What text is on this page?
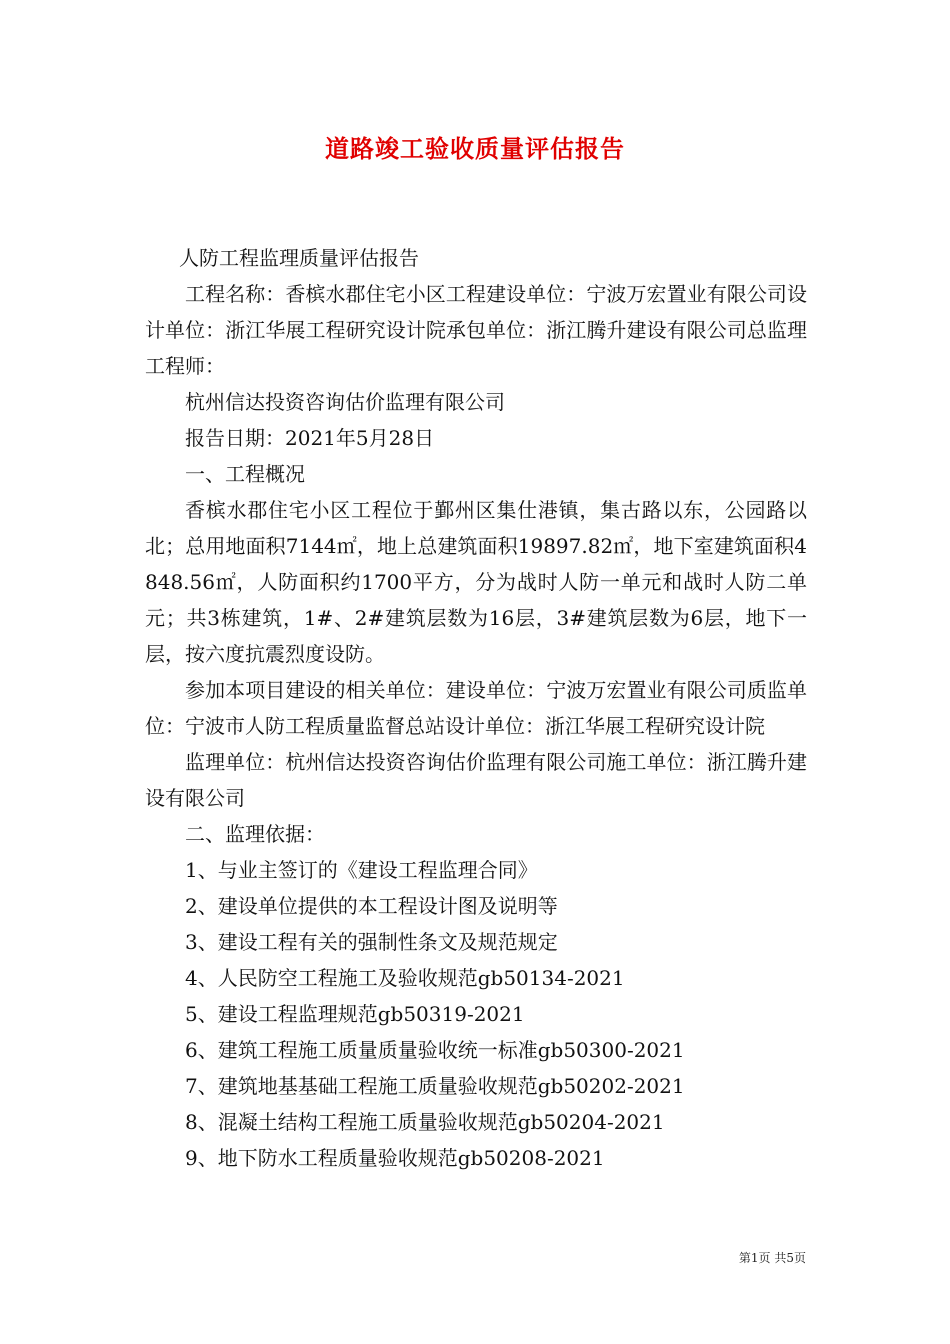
道路竣工验收质量评估报告

人防工程监理质量评估报告

工程名称：香槟水郡住宅小区工程建设单位：宁波万宏置业有限公司设计单位：浙江华展工程研究设计院承包单位：浙江腾升建设有限公司总监理工程师：

杭州信达投资咨询估价监理有限公司

报告日期：2021年5月28日

一、工程概况

香槟水郡住宅小区工程位于鄞州区集仕港镇，集古路以东，公园路以北；总用地面积7144㎡，地上总建筑面积19897.82㎡，地下室建筑面积4848.56㎡，人防面积约1700平方，分为战时人防一单元和战时人防二单元；共3栋建筑，1#、2#建筑层数为16层，3#建筑层数为6层，地下一层，按六度抗震烈度设防。

参加本项目建设的相关单位：建设单位：宁波万宏置业有限公司质监单位：宁波市人防工程质量监督总站设计单位：浙江华展工程研究设计院

监理单位：杭州信达投资咨询估价监理有限公司施工单位：浙江腾升建设有限公司

二、监理依据：

1、与业主签订的《建设工程监理合同》

2、建设单位提供的本工程设计图及说明等

3、建设工程有关的强制性条文及规范规定

4、人民防空工程施工及验收规范gb50134-2021

5、建设工程监理规范gb50319-2021

6、建筑工程施工质量质量验收统一标准gb50300-2021

7、建筑地基基础工程施工质量验收规范gb50202-2021

8、混凝土结构工程施工质量验收规范gb50204-2021

9、地下防水工程质量验收规范gb50208-2021

第1页 共5页
